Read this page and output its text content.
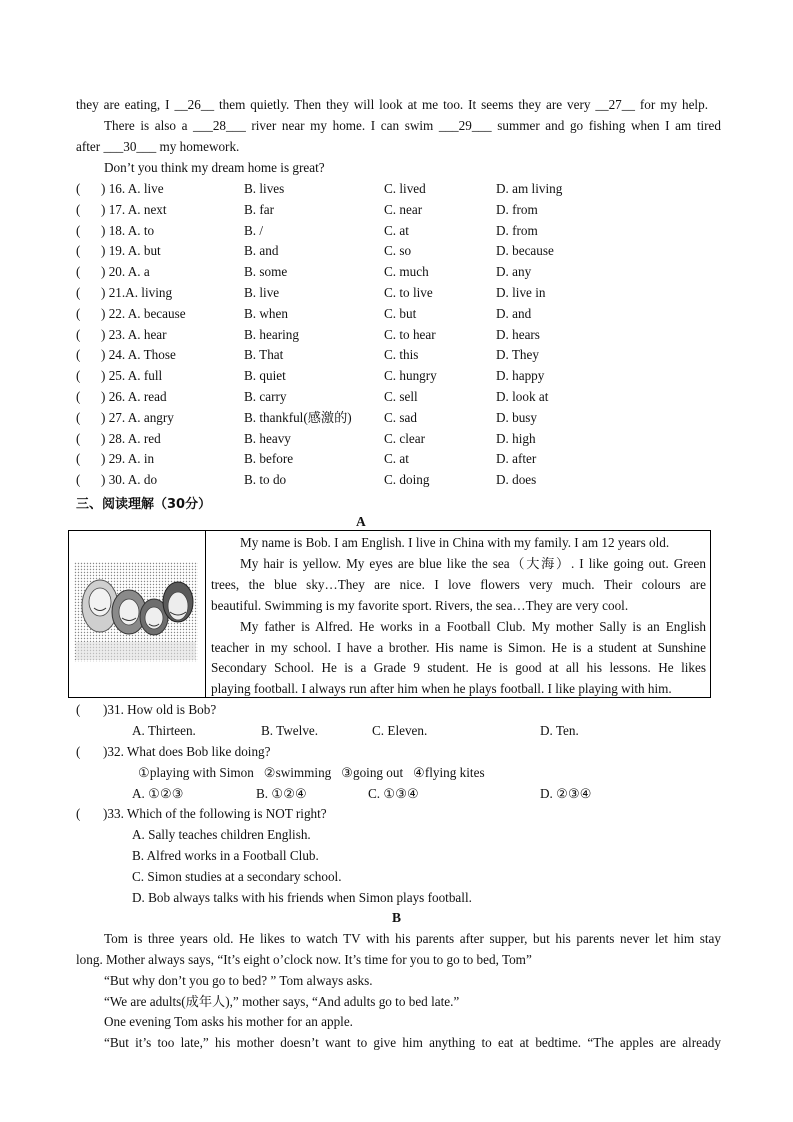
they are eating, I __26__ them quietly. Then they will look at me too. It seems they are very __27__ for my help.
There is also a ___28___ river near my home. I can swim ___29___ summer and go fishing when I am tired
after ___30___ my homework.
Don’t you think my dream home is great?
( ) 16. A. live	B. lives	C. lived	D. am living
( ) 17. A. next	B. far	C. near	D. from
( ) 18. A. to	B. /	C. at	D. from
( ) 19. A. but	B. and	C. so	D. because
( ) 20. A. a	B. some	C. much	D. any
( ) 21.A. living	B. live	C. to live	D. live in
( ) 22. A. because	B. when	C. but	D. and
( ) 23. A. hear	B. hearing	C. to hear	D. hears
( ) 24. A. Those	B. That	C. this	D. They
( ) 25. A. full	B. quiet	C. hungry	D. happy
( ) 26. A. read	B. carry	C. sell	D. look at
( ) 27. A. angry	B. thankful(感激的) C. sad	D. busy
( ) 28. A. red	B. heavy	C. clear	D. high
( ) 29. A. in	B. before	C. at	D. after
( ) 30. A. do	B. to do	C. doing	D. does
三、阅读理解（30分）
A
My name is Bob. I am English. I live in China with my family. I am 12 years old.
My hair is yellow. My eyes are blue like the sea（大海）. I like going out. Green
trees, the blue sky…They are nice. I love flowers very much. Their colours are
beautiful. Swimming is my favorite sport. Rivers, the sea…They are very cool.
My father is Alfred. He works in a Football Club. My mother Sally is an English
teacher in my school. I have a brother. His name is Simon. He is a student at Sunshine
Secondary School. He is a Grade 9 student. He is good at all his lessons. He likes
playing football. I always run after him when he plays football. I like playing with him.
( )31. How old is Bob?
A. Thirteen.	B. Twelve.	C. Eleven.	D. Ten.
( )32. What does Bob like doing?
①playing with Simon   ②swimming   ③going out   ④flying kites
A. ①②③	B. ①②④	C. ①③④	D. ②③④
( )33. Which of the following is NOT right?
A. Sally teaches children English.
B. Alfred works in a Football Club.
C. Simon studies at a secondary school.
D. Bob always talks with his friends when Simon plays football.
B
Tom is three years old. He likes to watch TV with his parents after supper, but his parents never let him stay
long. Mother always says, “It’s eight o’clock now. It’s time for you to go to bed, Tom”
“But why don’t you go to bed? ” Tom always asks.
“We are adults(成年人),” mother says, “And adults go to bed late.”
One evening Tom asks his mother for an apple.
“But it’s too late,” his mother doesn’t want to give him anything to eat at bedtime. “The apples are already
